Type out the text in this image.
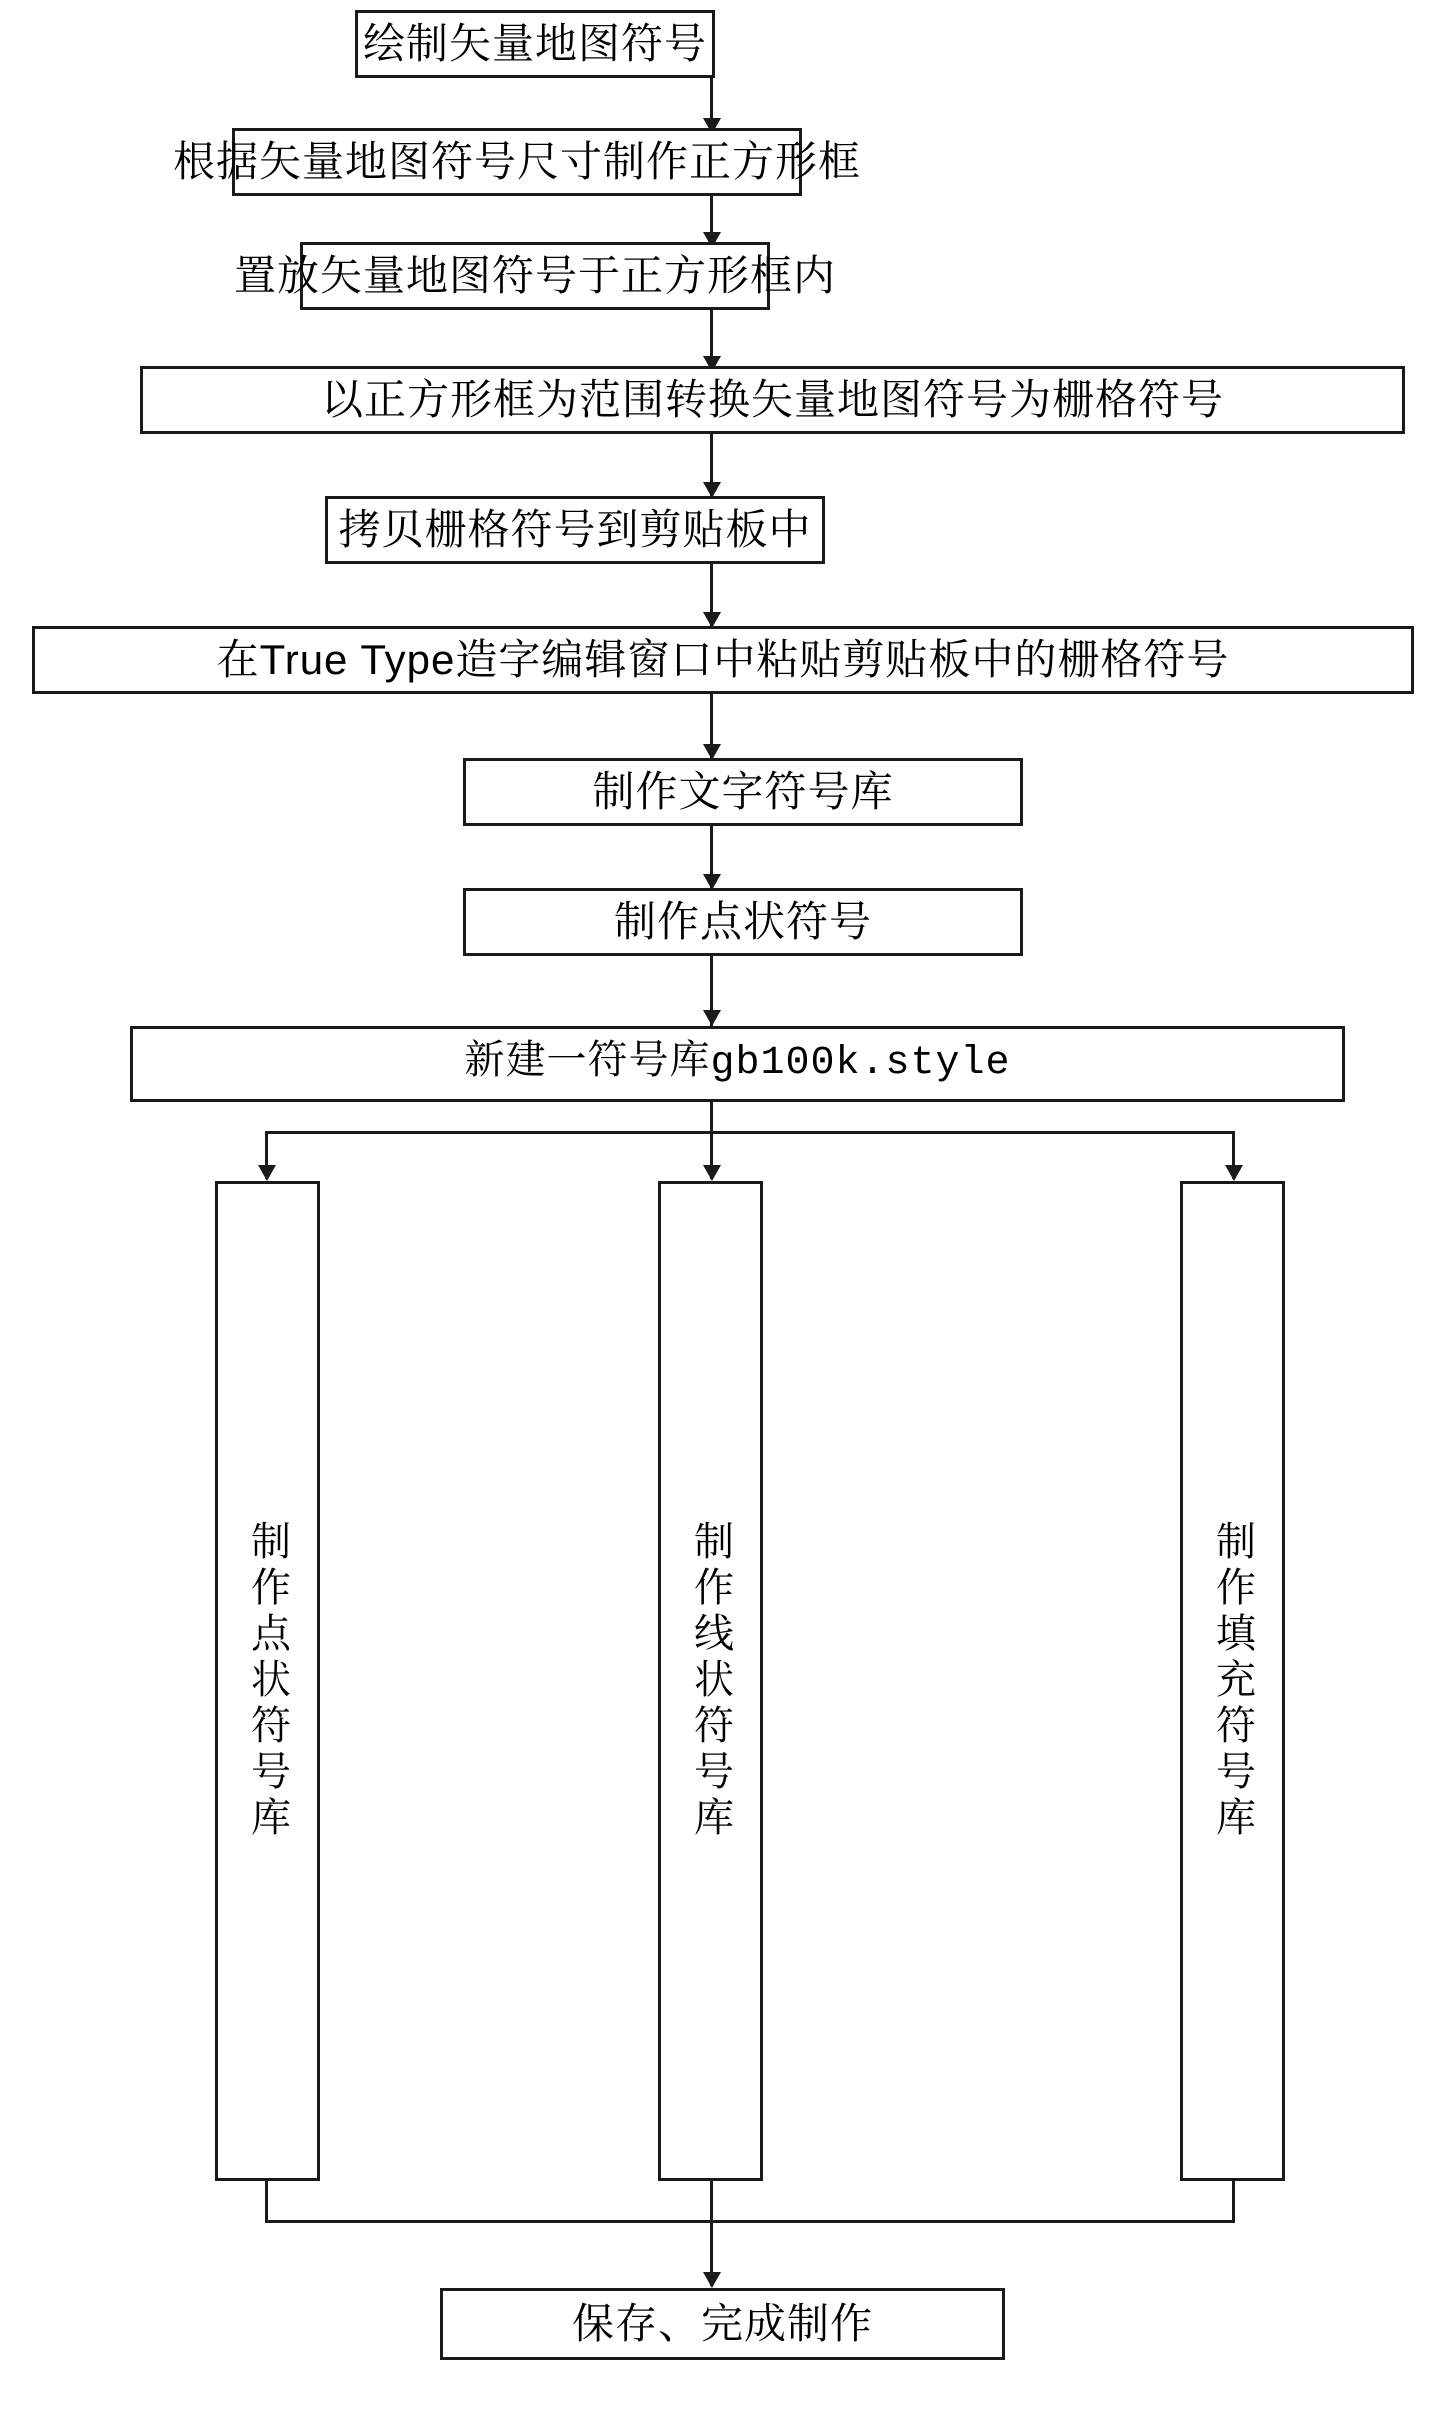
绘制矢量地图符号
根据矢量地图符号尺寸制作正方形框
置放矢量地图符号于正方形框内
以正方形框为范围转换矢量地图符号为栅格符号
拷贝栅格符号到剪贴板中
在True Type造字编辑窗口中粘贴剪贴板中的栅格符号
制作文字符号库
制作点状符号
新建一符号库gb100k.style
制作点状符号库	制作线状符号库	制作填充符号库
保存、完成制作
